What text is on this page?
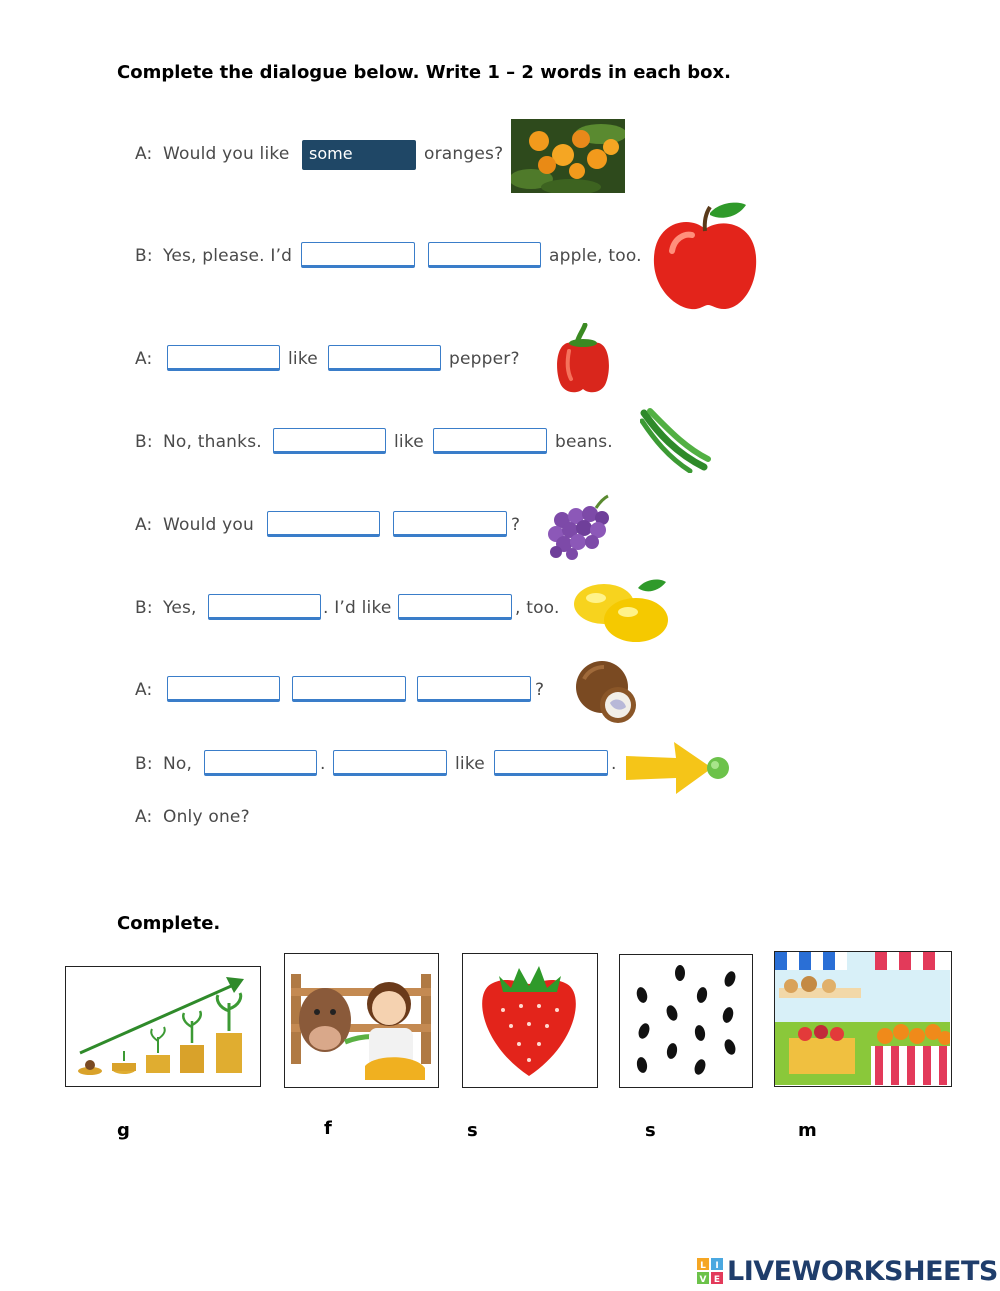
Complete the dialogue below. Write 1 – 2 words in each box.
A: Would you like	some	oranges?
B: Yes, please. I’d	apple, too.
A:	like	pepper?
B: No, thanks.	like	beans.
A: Would you	?
B: Yes,	. I’d like	, too.
A:	?
B: No,	.	like	.
A: Only one?
Complete.
g	f	s	s	m
L I
V E LIVEWORKSHEETS
